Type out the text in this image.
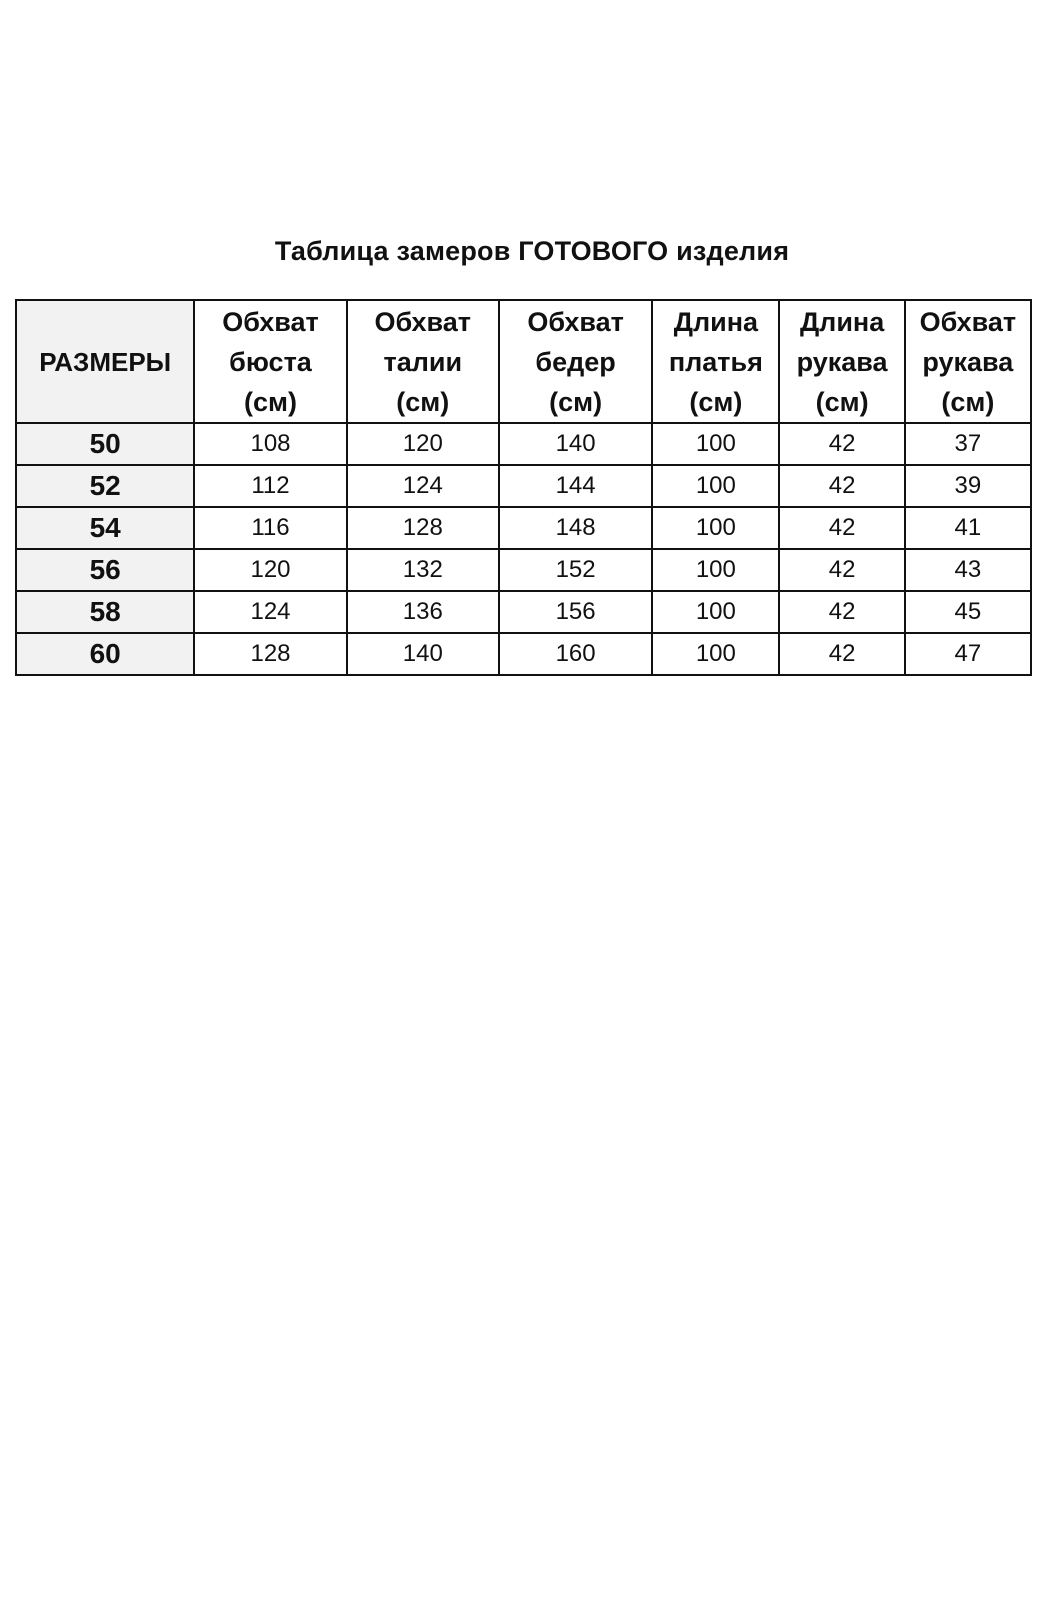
Таблица замеров ГОТОВОГО изделия
РАЗМЕРЫ	Обхват
бюста
(см)	Обхват
талии
(см)	Обхват
бедер
(см)	Длина
платья
(см)	Длина
рукава
(см)	Обхват
рукава
(см)

50	108	120	140	100	42	37
52	112	124	144	100	42	39
54	116	128	148	100	42	41
56	120	132	152	100	42	43
58	124	136	156	100	42	45
60	128	140	160	100	42	47
